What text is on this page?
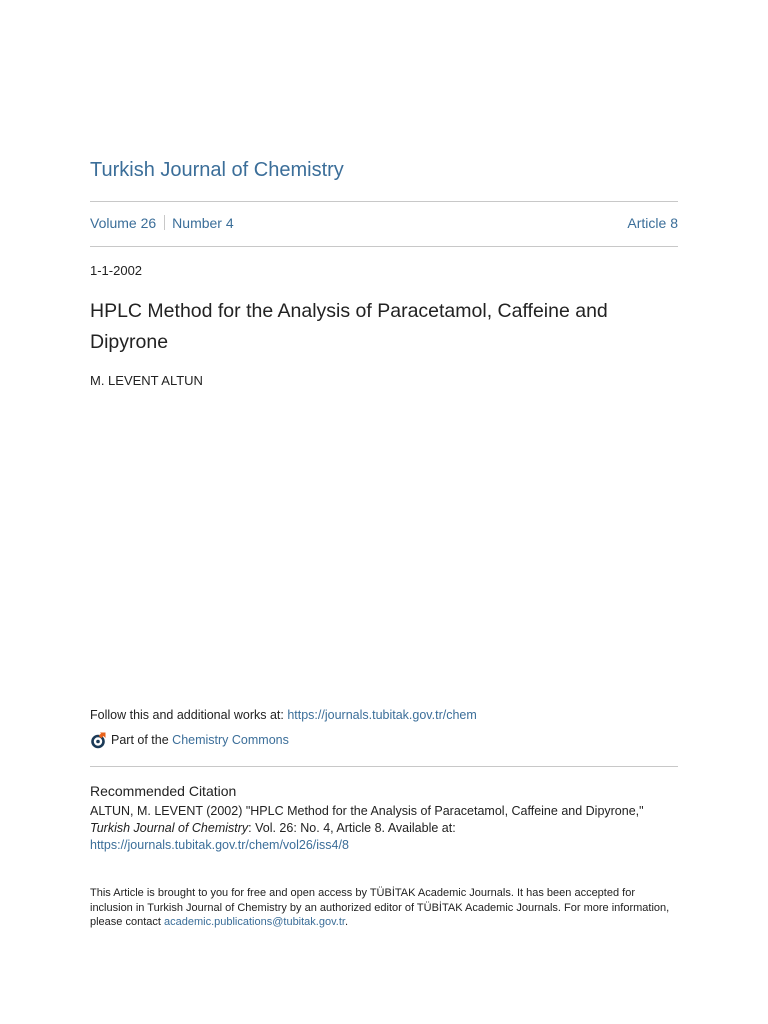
Turkish Journal of Chemistry
Volume 26 Number 4	Article 8
1-1-2002
HPLC Method for the Analysis of Paracetamol, Caffeine and Dipyrone
M. LEVENT ALTUN
Follow this and additional works at: https://journals.tubitak.gov.tr/chem
Part of the
Chemistry Commons
Recommended Citation
ALTUN, M. LEVENT (2002) "HPLC Method for the Analysis of Paracetamol, Caffeine and Dipyrone," Turkish Journal of Chemistry: Vol. 26: No. 4, Article 8. Available at: https://journals.tubitak.gov.tr/chem/vol26/iss4/8
This Article is brought to you for free and open access by TÜBİTAK Academic Journals. It has been accepted for inclusion in Turkish Journal of Chemistry by an authorized editor of TÜBİTAK Academic Journals. For more information, please contact academic.publications@tubitak.gov.tr.
